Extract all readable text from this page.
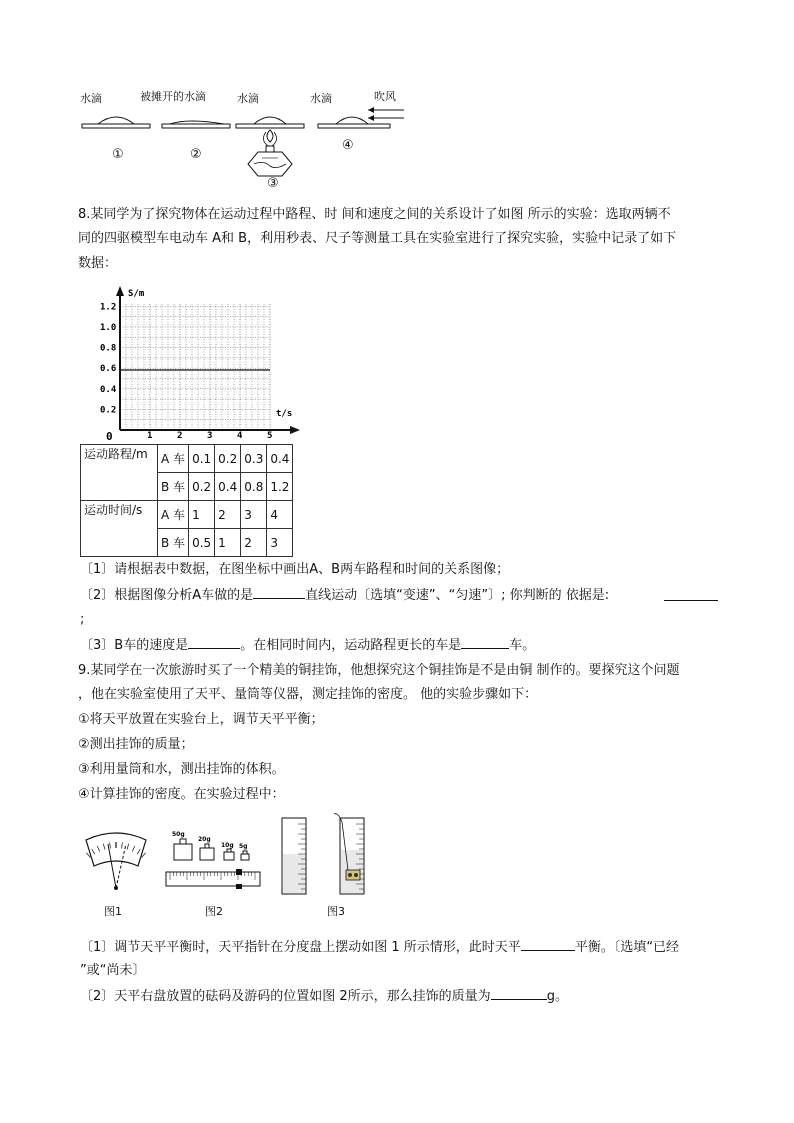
水滴	被摊开的水滴	水滴	水滴	吹风
①	②
③
④
8.某同学为了探究物体在运动过程中路程、时 间和速度之间的关系设计了如图 所示的实验：选取两辆不
同的四驱模型车电动车 A和 B，利用秒表、尺子等测量工具在实验室进行了探究实验，实验中记录了如下
数据：
S/m
t/s
0
0.2
0.4
0.6
0.8
1.0
1.2
1	2	3	4	5
运动路程/m	A 车	0.1	0.2	0.3	0.4
	B 车	0.2	0.4	0.8	1.2
运动时间/s	A 车	1	2	3	4
	B 车	0.5	1	2	3
〔1〕请根据表中数据，在图坐标中画出A、B两车路程和时间的关系图像；
〔2〕根据图像分析A车做的是	直线运动〔选填“变速”、“匀速”〕; 你判断的 依据是:
;
〔3〕B车的速度是	。在相同时间内，运动路程更长的车是	车。
9.某同学在一次旅游时买了一个精美的铜挂饰，他想探究这个铜挂饰是不是由铜 制作的。要探究这个问题
，他在实验室使用了天平、量筒等仪器，测定挂饰的密度。 他的实验步骤如下：
①将天平放置在实验台上，调节天平平衡；
②测出挂饰的质量；
③利用量筒和水，测出挂饰的体积。
④计算挂饰的密度。在实验过程中：
图1
50g
20g
10g 5g
图2	图3
〔1〕调节天平平衡时，天平指针在分度盘上摆动如图 1 所示情形，此时天平	平衡。〔选填“已经
”或“尚未〕
〔2〕天平右盘放置的砝码及游码的位置如图 2所示，那么挂饰的质量为	g。
